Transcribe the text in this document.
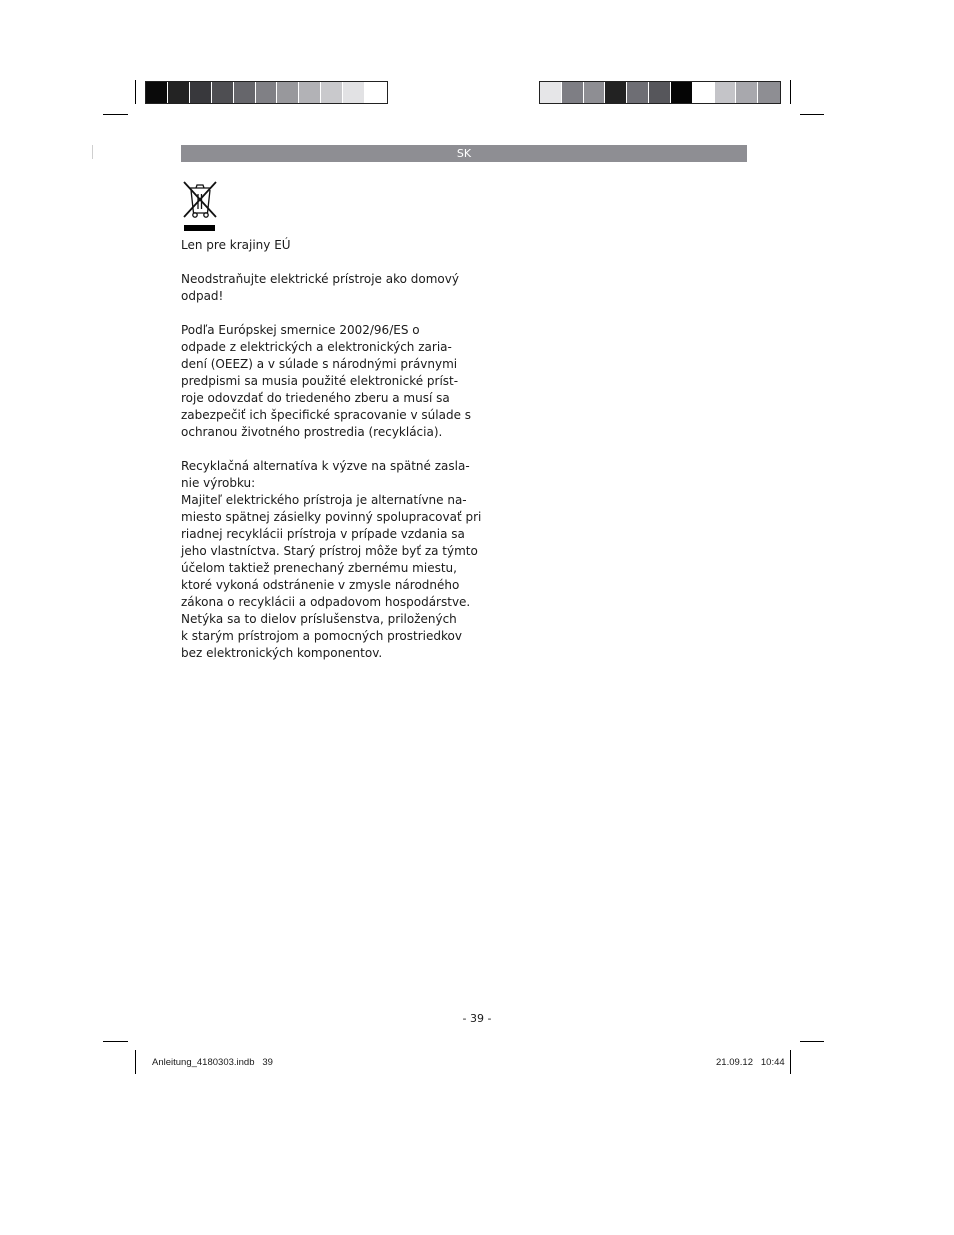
SK
Len pre krajiny EÚ
Neodstraňujte elektrické prístroje ako domový
odpad!
Podľa Európskej smernice 2002/96/ES o
odpade z elektrických a elektronických zaria-
dení (OEEZ) a v súlade s národnými právnymi
predpismi sa musia použité elektronické príst-
roje odovzdať do triedeného zberu a musí sa
zabezpečiť ich špecifické spracovanie v súlade s
ochranou životného prostredia (recyklácia).
Recyklačná alternatíva k výzve na spätné zasla-
nie výrobku:
Majiteľ elektrického prístroja je alternatívne na-
miesto spätnej zásielky povinný spolupracovať pri
riadnej recyklácii prístroja v prípade vzdania sa
jeho vlastníctva. Starý prístroj môže byť za týmto
účelom taktiež prenechaný zbernému miestu,
ktoré vykoná odstránenie v zmysle národného
zákona o recyklácii a odpadovom hospodárstve.
Netýka sa to dielov príslušenstva, priložených
k starým prístrojom a pomocných prostriedkov
bez elektronických komponentov.
- 39 -
Anleitung_4180303.indb   39	21.09.12   10:44
